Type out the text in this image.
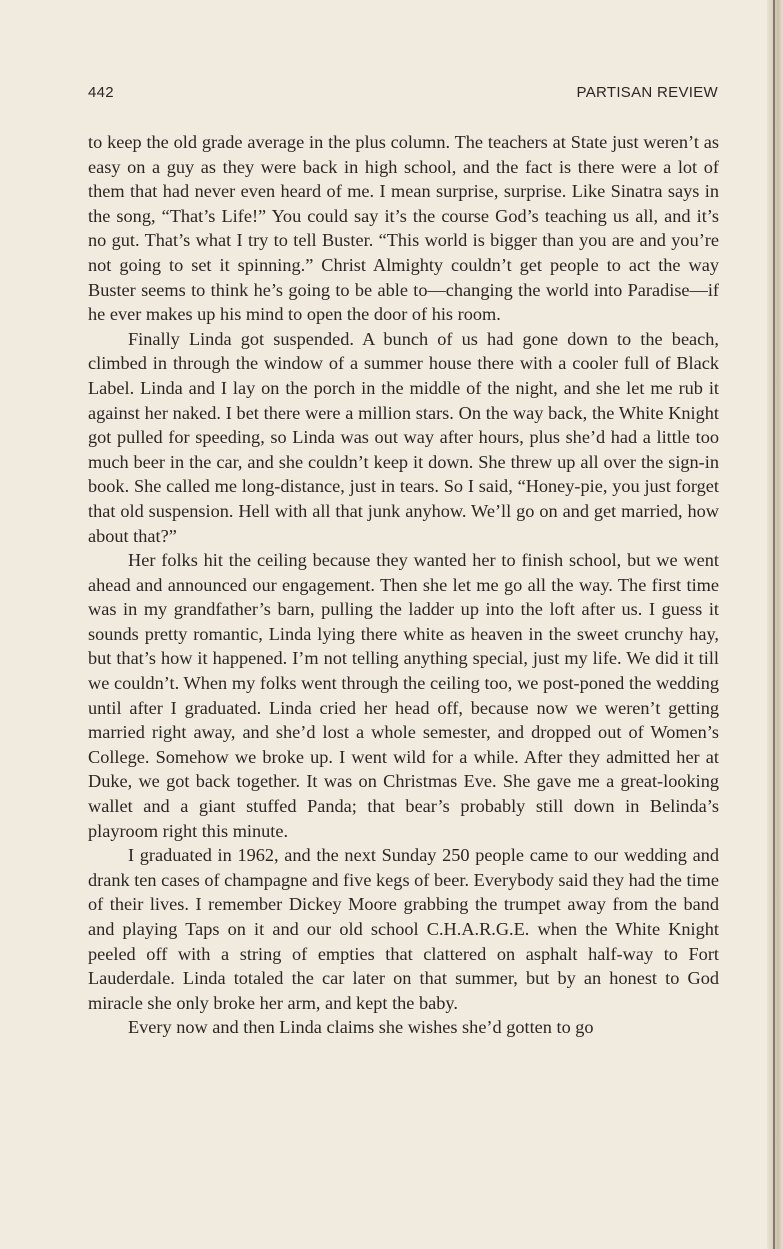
442	PARTISAN REVIEW

to keep the old grade average in the plus column. The teachers at State just weren’t as easy on a guy as they were back in high school, and the fact is there were a lot of them that had never even heard of me. I mean surprise, surprise. Like Sinatra says in the song, “That’s Life!” You could say it’s the course God’s teaching us all, and it’s no gut. That’s what I try to tell Buster. “This world is bigger than you are and you’re not going to set it spinning.” Christ Almighty couldn’t get people to act the way Buster seems to think he’s going to be able to—changing the world into Paradise—if he ever makes up his mind to open the door of his room.

Finally Linda got suspended. A bunch of us had gone down to the beach, climbed in through the window of a summer house there with a cooler full of Black Label. Linda and I lay on the porch in the middle of the night, and she let me rub it against her naked. I bet there were a million stars. On the way back, the White Knight got pulled for speeding, so Linda was out way after hours, plus she’d had a little too much beer in the car, and she couldn’t keep it down. She threw up all over the sign-in book. She called me long-distance, just in tears. So I said, “Honey-pie, you just forget that old suspension. Hell with all that junk anyhow. We’ll go on and get married, how about that?”

Her folks hit the ceiling because they wanted her to finish school, but we went ahead and announced our engagement. Then she let me go all the way. The first time was in my grandfather’s barn, pulling the ladder up into the loft after us. I guess it sounds pretty romantic, Linda lying there white as heaven in the sweet crunchy hay, but that’s how it happened. I’m not telling anything special, just my life. We did it till we couldn’t. When my folks went through the ceiling too, we post-poned the wedding until after I graduated. Linda cried her head off, because now we weren’t getting married right away, and she’d lost a whole semester, and dropped out of Women’s College. Somehow we broke up. I went wild for a while. After they admitted her at Duke, we got back together. It was on Christmas Eve. She gave me a great-looking wallet and a giant stuffed Panda; that bear’s probably still down in Belinda’s playroom right this minute.

I graduated in 1962, and the next Sunday 250 people came to our wedding and drank ten cases of champagne and five kegs of beer. Everybody said they had the time of their lives. I remember Dickey Moore grabbing the trumpet away from the band and playing Taps on it and our old school C.H.A.R.G.E. when the White Knight peeled off with a string of empties that clattered on asphalt half-way to Fort Lauderdale. Linda totaled the car later on that summer, but by an honest to God miracle she only broke her arm, and kept the baby.

Every now and then Linda claims she wishes she’d gotten to go
